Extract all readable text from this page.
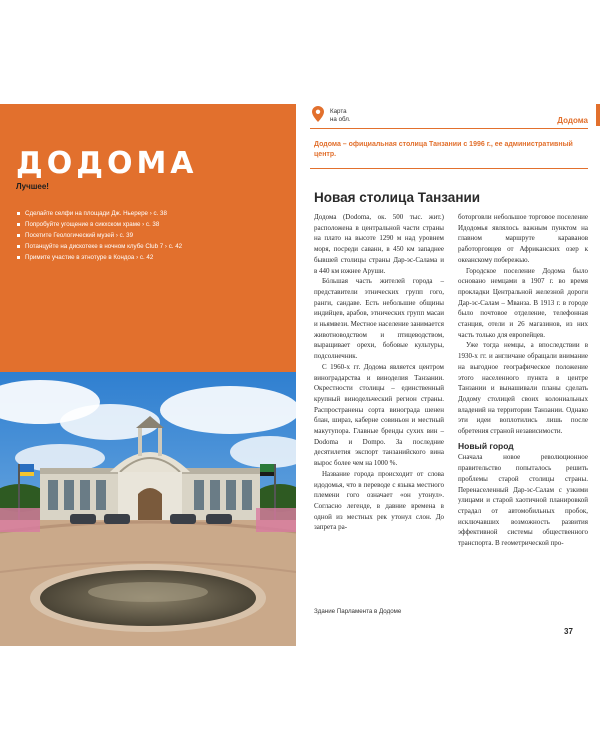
ДОДОМА
Лучшее!
Сделайте селфи на площади Дж. Ньерере › с. 38
Попробуйте угощение в сикхском храме › с. 38
Посетите Геологический музей › с. 39
Потанцуйте на дискотеке в ночном клубе Club 7 › с. 42
Примите участие в этнотуре в Кондоа › с. 42
Карта
на обл.	Додома
Додома – официальная столица Танзании с 1996 г., ее административный центр.
Новая столица Танзании

Додома (Dodoma, ок. 500 тыс. жит.) расположена в центральной части страны на плато на высоте 1290 м над уровнем моря, посреди саванн, в 450 км западнее бывшей столицы страны Дар-эс-Салама и в 440 км южнее Аруши.

Бóльшая часть жителей города – представители этнических групп гого, ранги, сандаве. Есть небольшие общины индийцев, арабов, этнических групп масаи и ньямвези. Местное население занимается животноводством и птицеводством, выращивает орехи, бобовые культуры, подсолнечник.

С 1960-х гг. Додома является центром виноградарства и виноделия Танзании. Окрестности столицы – единственный крупный винодельческий регион страны. Распространены сорта винограда шенен блан, шираз, каберне совиньон и местный макутупора. Главные бренды сухих вин – Dodoma и Dompo. За последние десятилетия экспорт танзанийского вина вырос более чем на 1000 %.

Название города происходит от слова идодомья, что в переводе с языка местного племени гого означает «он утонул». Согласно легенде, в давние времена в одной из местных рек утонул слон. До запрета ра-

боторговли небольшое торговое поселение Идодомья являлось важным пунктом на главном маршруте караванов работорговцев от Африканских озер к океанскому побережью.

Городское поселение Додома было основано немцами в 1907 г. во время прокладки Центральной железной дороги Дар-эс-Салам – Мванза. В 1913 г. в городе было почтовое отделение, телефонная станция, отели и 26 магазинов, из них часть только для европейцев.

Уже тогда немцы, а впоследствии в 1930-х гг. и англичане обращали внимание на выгодное географическое положение этого населенного пункта в центре Танзании и вынашивали планы сделать Додому столицей своих колониальных владений на территории Танзании. Однако эти идеи воплотились лишь после обретения страной независимости.

Новый город

Сначала новое революционное правительство попыталось решить проблемы старой столицы страны. Перенаселенный Дар-эс-Салам с узкими улицами и старой хаотичной планировкой страдал от автомобильных пробок, исключавших возможность развития эффективной системы общественного транспорта. В геометрической про-

Здание Парламента в Додоме
37
